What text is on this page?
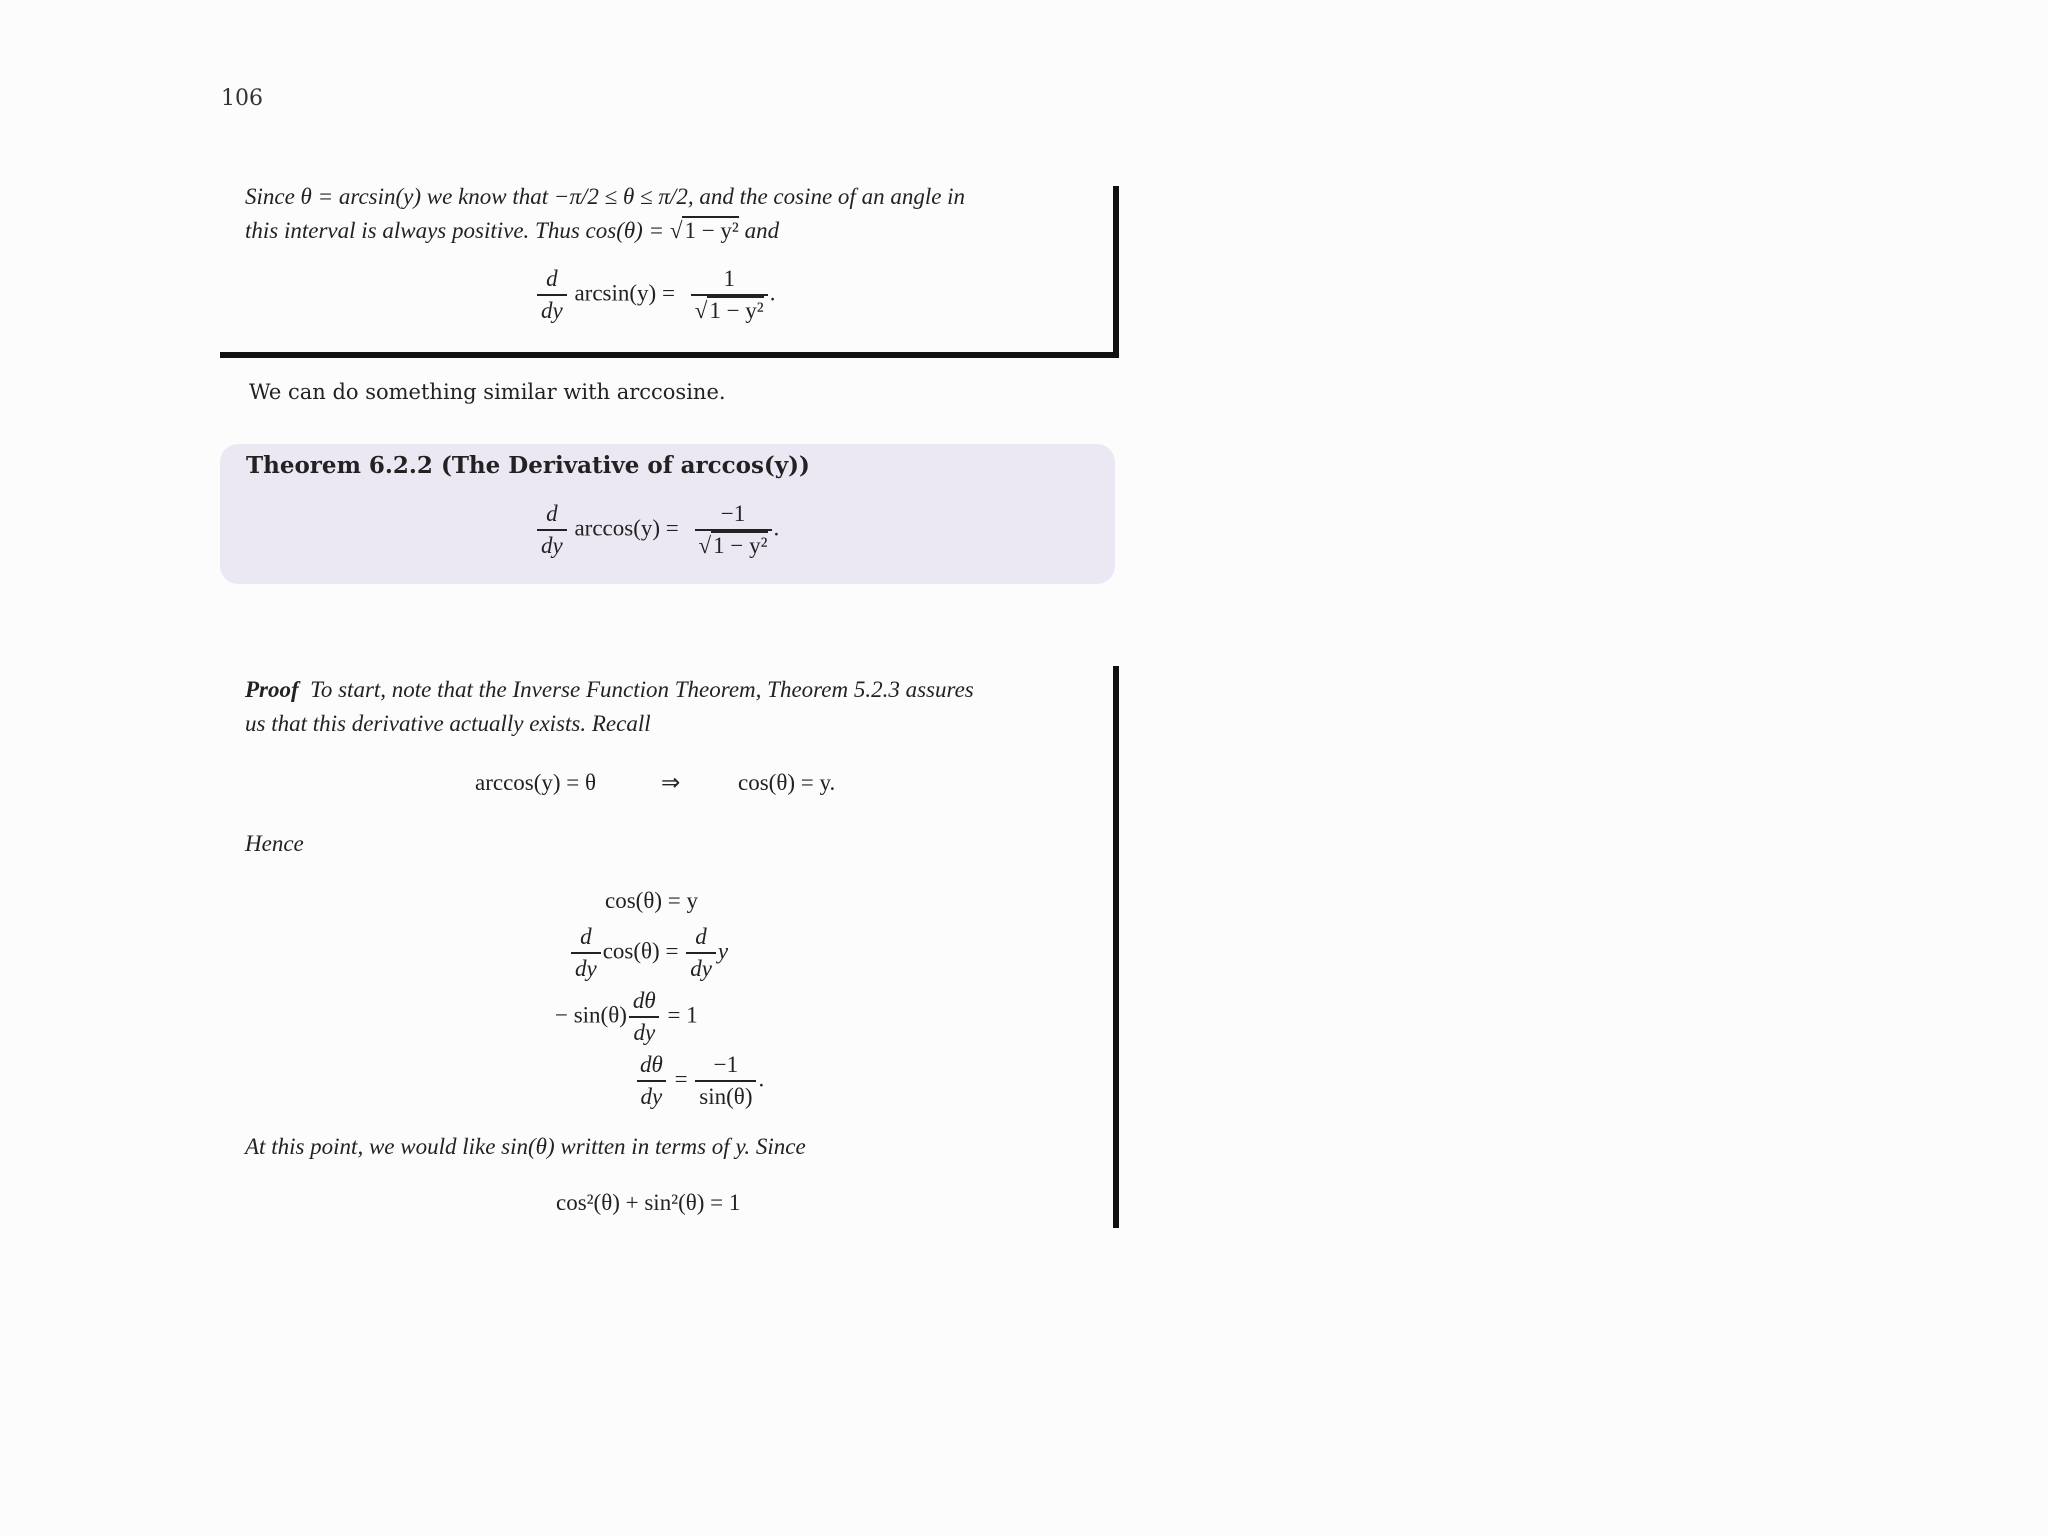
106
Since θ = arcsin(y) we know that −π/2 ≤ θ ≤ π/2, and the cosine of an angle in
this interval is always positive. Thus cos(θ) = √1 − y² and
$\frac{d}{dy} \arcsin(y) = \frac{1}{\text{√1 − y²}}$ .
We can do something similar with arccosine.
Theorem 6.2.2 (The Derivative of arccos(y))
$\frac{d}{dy} \arccos(y) = \frac{-1}{\text{√1 − y²}}$ .
Proof To start, note that the Inverse Function Theorem, Theorem 5.2.3 assures
us that this derivative actually exists. Recall
arccos(y) = θ	⇒	cos(θ) = y.
Hence
cos(θ) = y
$\frac{d}{dy} \cos(\theta) = \frac{d}{dy}$ y
− $\sin(\theta) \frac{d\theta}{dy} = 1$
$\frac{d\theta}{dy} = \frac{-1}{\sin(\theta)}$ .
At this point, we would like sin(θ) written in terms of y. Since
cos²(θ) + sin²(θ) = 1
